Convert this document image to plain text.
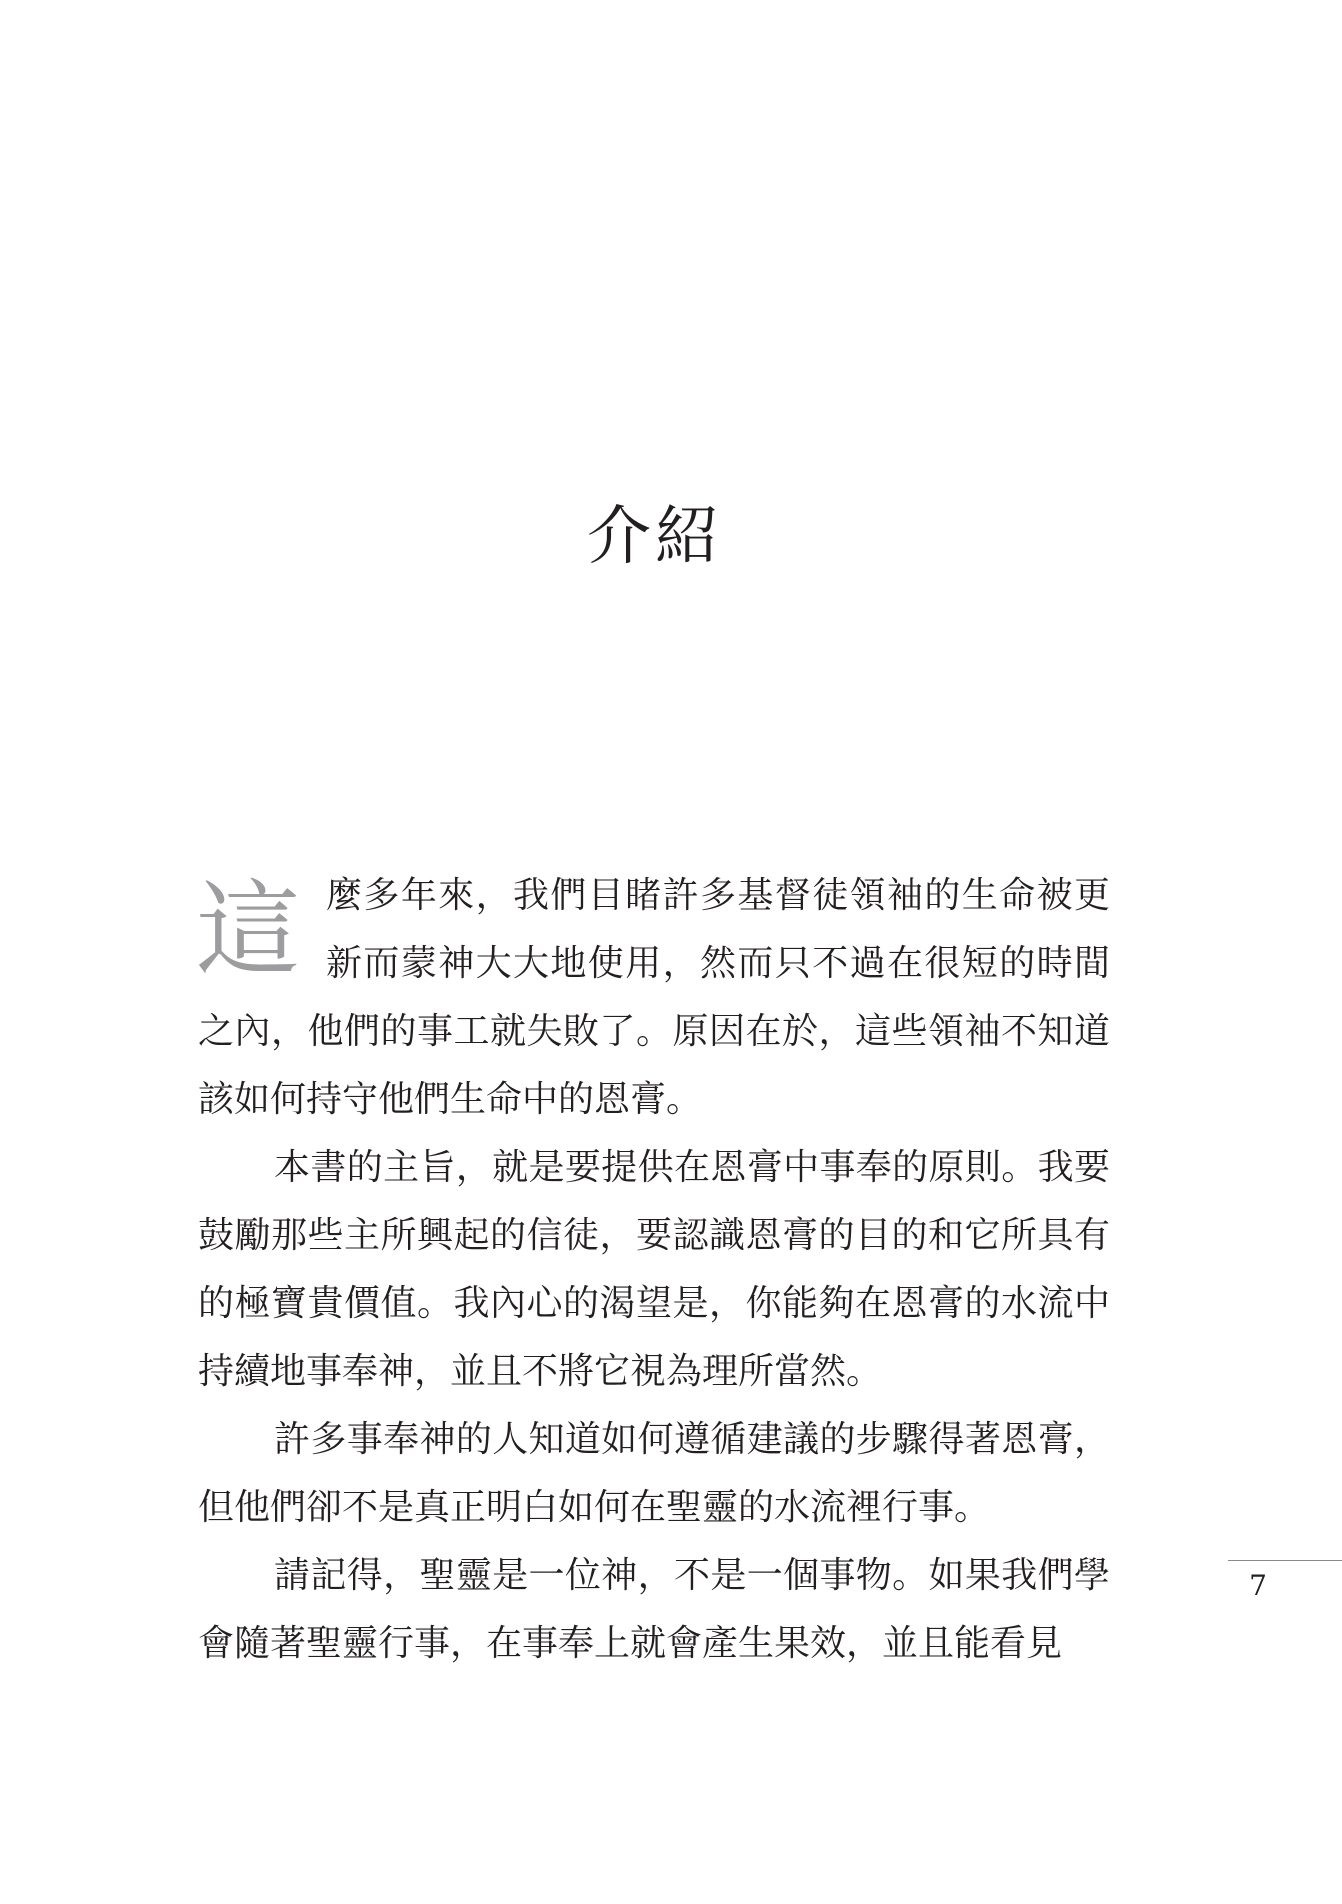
介紹

這麼多年來，我們目睹許多基督徒領袖的生命被更新而蒙神大大地使用，然而只不過在很短的時間之內，他們的事工就失敗了。原因在於，這些領袖不知道該如何持守他們生命中的恩膏。

本書的主旨，就是要提供在恩膏中事奉的原則。我要鼓勵那些主所興起的信徒，要認識恩膏的目的和它所具有的極寶貴價值。我內心的渴望是，你能夠在恩膏的水流中持續地事奉神，並且不將它視為理所當然。

許多事奉神的人知道如何遵循建議的步驟得著恩膏，但他們卻不是真正明白如何在聖靈的水流裡行事。

請記得，聖靈是一位神，不是一個事物。如果我們學會隨著聖靈行事，在事奉上就會產生果效，並且能看見

7
